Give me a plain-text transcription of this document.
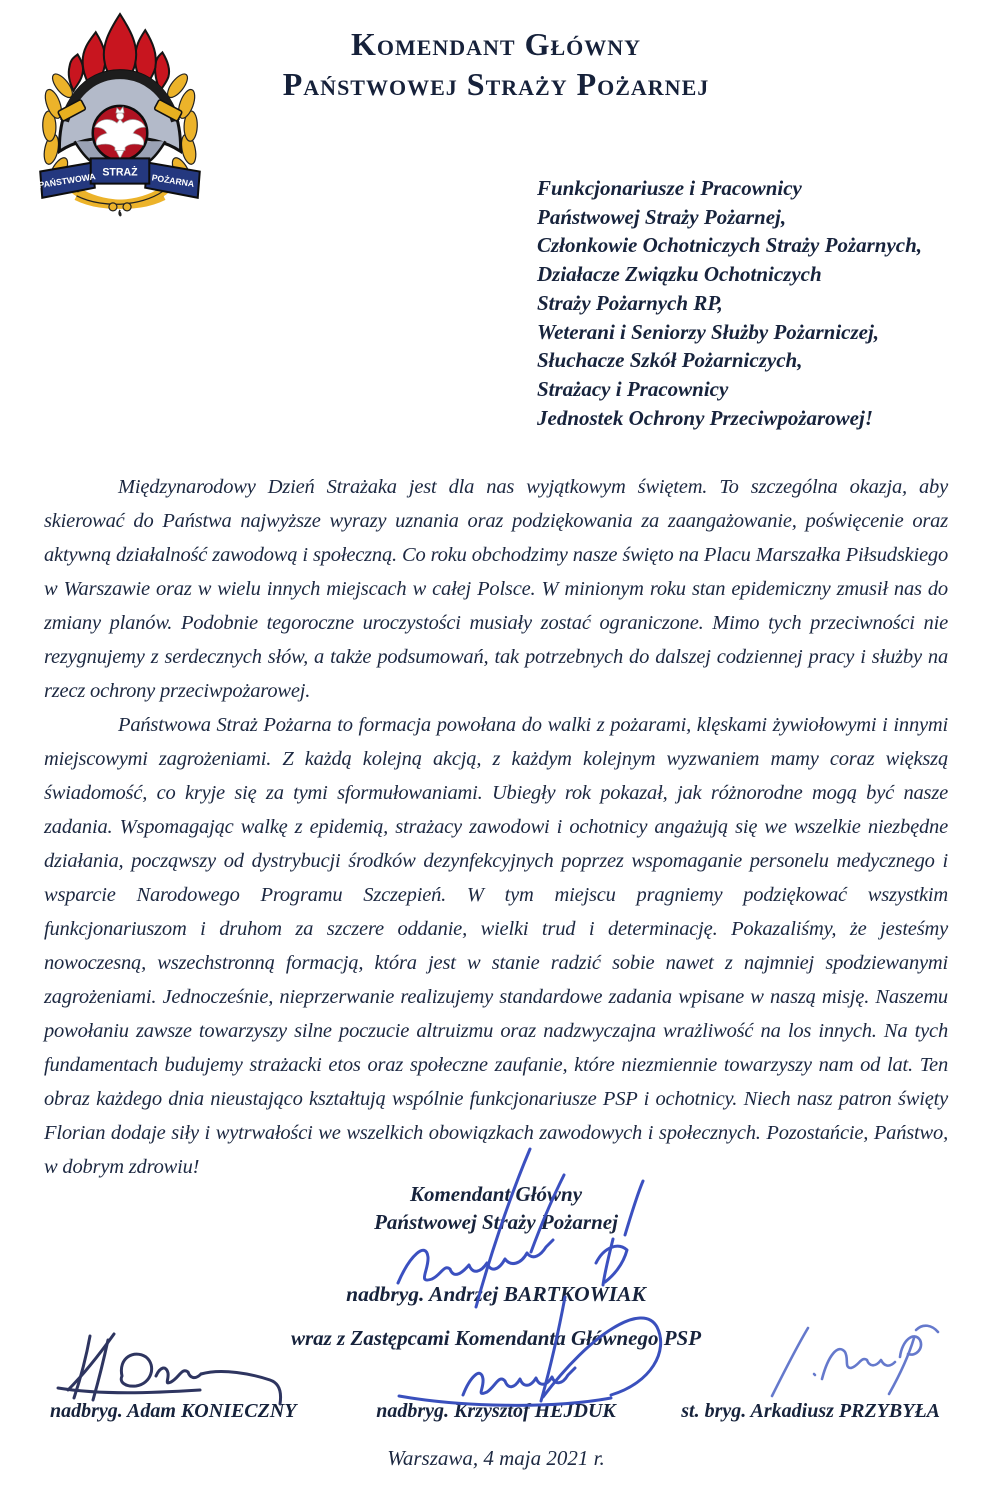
PAŃSTWOWA STRAŻ POŻARNA
Komendant Główny
Państwowej Straży Pożarnej
Funkcjonariusze i Pracownicy
Państwowej Straży Pożarnej,
Członkowie Ochotniczych Straży Pożarnych,
Działacze Związku Ochotniczych
Straży Pożarnych RP,
Weterani i Seniorzy Służby Pożarniczej,
Słuchacze Szkół Pożarniczych,
Strażacy i Pracownicy
Jednostek Ochrony Przeciwpożarowej!

Międzynarodowy Dzień Strażaka jest dla nas wyjątkowym świętem. To szczególna okazja, aby skierować do Państwa najwyższe wyrazy uznania oraz podziękowania za zaangażowanie, poświęcenie oraz aktywną działalność zawodową i społeczną. Co roku obchodzimy nasze święto na Placu Marszałka Piłsudskiego w Warszawie oraz w wielu innych miejscach w całej Polsce. W minionym roku stan epidemiczny zmusił nas do zmiany planów. Podobnie tegoroczne uroczystości musiały zostać ograniczone. Mimo tych przeciwności nie rezygnujemy z serdecznych słów, a także podsumowań, tak potrzebnych do dalszej codziennej pracy i służby na rzecz ochrony przeciwpożarowej.

Państwowa Straż Pożarna to formacja powołana do walki z pożarami, klęskami żywiołowymi i innymi miejscowymi zagrożeniami. Z każdą kolejną akcją, z każdym kolejnym wyzwaniem mamy coraz większą świadomość, co kryje się za tymi sformułowaniami. Ubiegły rok pokazał, jak różnorodne mogą być nasze zadania. Wspomagając walkę z epidemią, strażacy zawodowi i ochotnicy angażują się we wszelkie niezbędne działania, począwszy od dystrybucji środków dezynfekcyjnych poprzez wspomaganie personelu medycznego i wsparcie Narodowego Programu Szczepień. W tym miejscu pragniemy podziękować wszystkim funkcjonariuszom i druhom za szczere oddanie, wielki trud i determinację. Pokazaliśmy, że jesteśmy nowoczesną, wszechstronną formacją, która jest w stanie radzić sobie nawet z najmniej spodziewanymi zagrożeniami. Jednocześnie, nieprzerwanie realizujemy standardowe zadania wpisane w naszą misję. Naszemu powołaniu zawsze towarzyszy silne poczucie altruizmu oraz nadzwyczajna wrażliwość na los innych. Na tych fundamentach budujemy strażacki etos oraz społeczne zaufanie, które niezmiennie towarzyszy nam od lat. Ten obraz każdego dnia nieustająco kształtują wspólnie funkcjonariusze PSP i ochotnicy. Niech nasz patron święty Florian dodaje siły i wytrwałości we wszelkich obowiązkach zawodowych i społecznych. Pozostańcie, Państwo, w dobrym zdrowiu!

Komendant Główny
Państwowej Straży Pożarnej
nadbryg. Andrzej BARTKOWIAK
wraz z Zastępcami Komendanta Głównego PSP
nadbryg. Adam KONIECZNY	nadbryg. Krzysztof HEJDUK	st. bryg. Arkadiusz PRZYBYŁA
Warszawa, 4 maja 2021 r.
